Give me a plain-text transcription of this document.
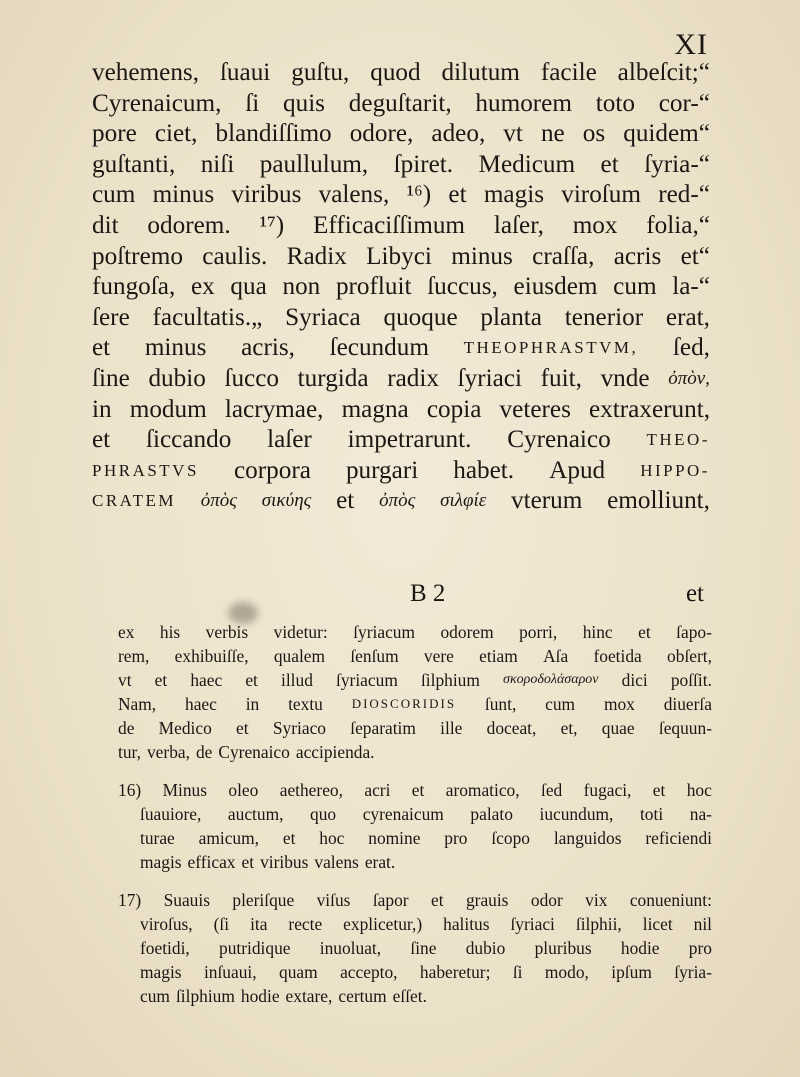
XI
vehemens, ſuaui guſtu, quod dilutum facile albeſcit;“
Cyrenaicum, ſi quis deguſtarit, humorem toto cor-“
pore ciet, blandiſſimo odore, adeo, vt ne os quidem“
guſtanti, niſi paullulum, ſpiret. Medicum et ſyria-“
cum minus viribus valens, ¹⁶) et magis viroſum red-“
dit odorem. ¹⁷) Efficaciſſimum laſer, mox folia,“
poſtremo caulis. Radix Libyci minus craſſa, acris et“
fungoſa, ex qua non profluit ſuccus, eiusdem cum la-“
ſere facultatis.„ Syriaca quoque planta tenerior erat,
et minus acris, ſecundum THEOPHRASTVM, ſed,
ſine dubio ſucco turgida radix ſyriaci fuit, vnde ὀπὸν,
in modum lacrymae, magna copia veteres extraxerunt,
et ſiccando laſer impetrarunt. Cyrenaico THEO-
PHRASTVS corpora purgari habet. Apud HIPPO-
CRATEM ὀπὸς σικύης et ὀπὸς σιλφίε vterum emolliunt,
B 2	et
ex his verbis videtur: ſyriacum odorem porri, hinc et ſapo-
rem, exhibuiſſe, qualem ſenſum vere etiam Aſa foetida obſert,
vt et haec et illud ſyriacum ſilphium σκοροδολάσαρον dici poſſit.
Nam, haec in textu DIOSCORIDIS ſunt, cum mox diuerſa
de Medico et Syriaco ſeparatim ille doceat, et, quae ſequun-
tur, verba, de Cyrenaico accipienda.
16) Minus oleo aethereo, acri et aromatico, ſed fugaci, et hoc
ſuauiore, auctum, quo cyrenaicum palato iucundum, toti na-
turae amicum, et hoc nomine pro ſcopo languidos reficiendi
magis efficax et viribus valens erat.
17) Suauis pleriſque viſus ſapor et grauis odor vix conueniunt:
viroſus, (ſi ita recte explicetur,) halitus ſyriaci ſilphii, licet nil
foetidi, putridique inuoluat, ſine dubio pluribus hodie pro
magis inſuaui, quam accepto, haberetur; ſi modo, ipſum ſyria-
cum ſilphium hodie extare, certum eſſet.
